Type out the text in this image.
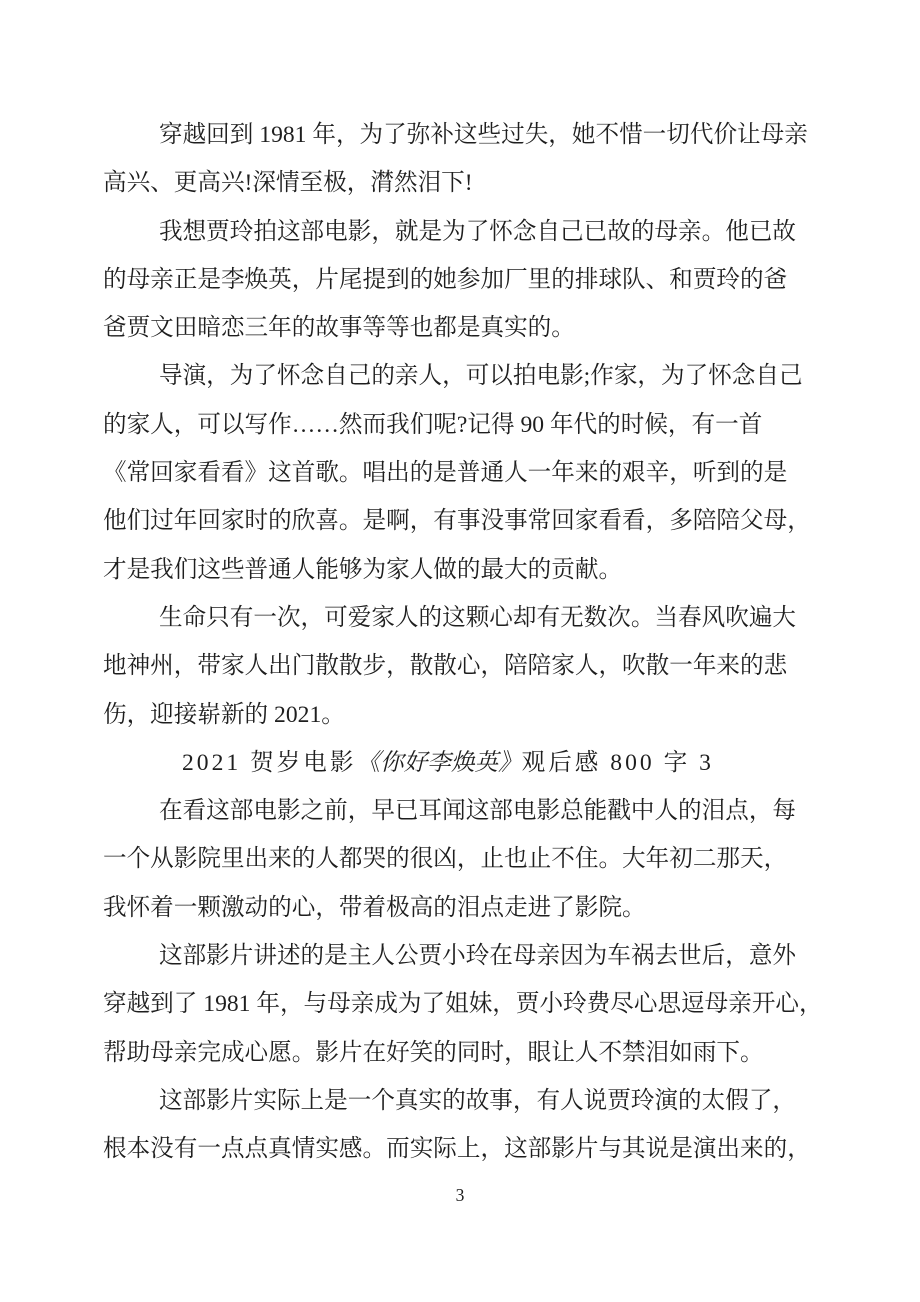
穿越回到 1981 年，为了弥补这些过失，她不惜一切代价让母亲
高兴、更高兴!深情至极，潸然泪下!
我想贾玲拍这部电影，就是为了怀念自己已故的母亲。他已故
的母亲正是李焕英，片尾提到的她参加厂里的排球队、和贾玲的爸
爸贾文田暗恋三年的故事等等也都是真实的。
导演，为了怀念自己的亲人，可以拍电影;作家，为了怀念自己
的家人，可以写作……然而我们呢?记得 90 年代的时候，有一首
《常回家看看》这首歌。唱出的是普通人一年来的艰辛，听到的是
他们过年回家时的欣喜。是啊，有事没事常回家看看，多陪陪父母，
才是我们这些普通人能够为家人做的最大的贡献。
生命只有一次，可爱家人的这颗心却有无数次。当春风吹遍大
地神州，带家人出门散散步，散散心，陪陪家人，吹散一年来的悲
伤，迎接崭新的 2021。
2021 贺岁电影《你好李焕英》观后感 800 字 3
在看这部电影之前，早已耳闻这部电影总能戳中人的泪点，每
一个从影院里出来的人都哭的很凶，止也止不住。大年初二那天，
我怀着一颗激动的心，带着极高的泪点走进了影院。
这部影片讲述的是主人公贾小玲在母亲因为车祸去世后，意外
穿越到了 1981 年，与母亲成为了姐妹，贾小玲费尽心思逗母亲开心，
帮助母亲完成心愿。影片在好笑的同时，眼让人不禁泪如雨下。
这部影片实际上是一个真实的故事，有人说贾玲演的太假了，
根本没有一点点真情实感。而实际上，这部影片与其说是演出来的，
3
